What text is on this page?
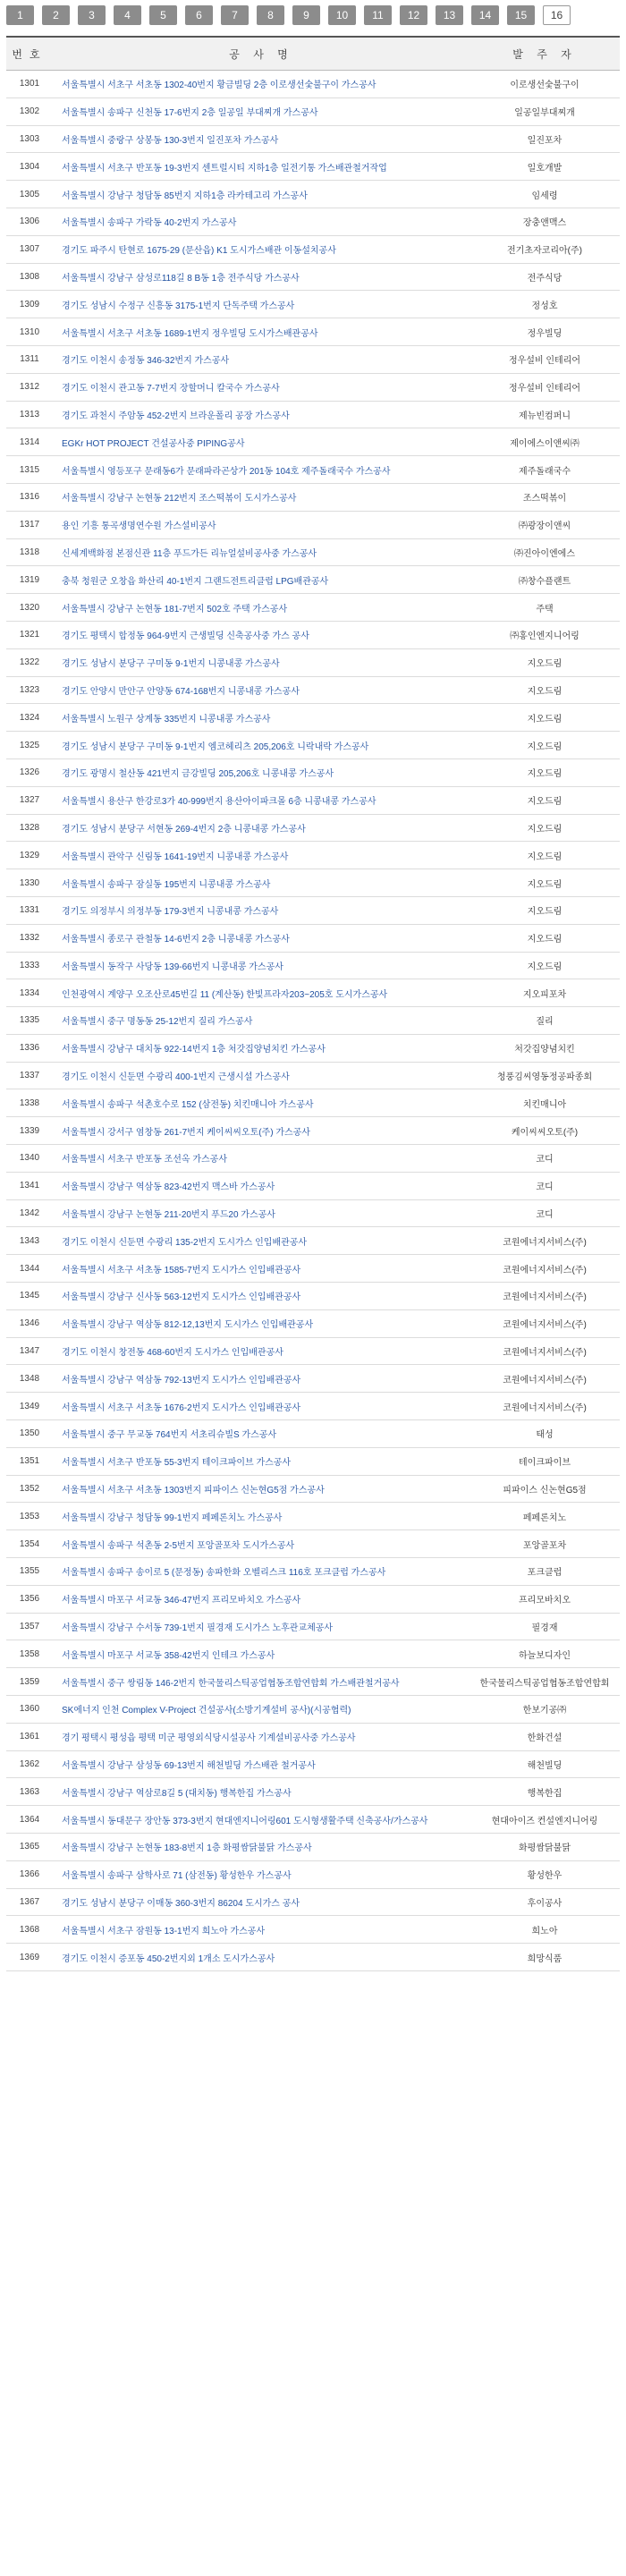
1	2	3	4	5	6	7	8	9	10	11	12	13	14	15	16
번호	공 사 명	발 주 자
1301	서울특별시 서초구 서초동 1302-40번지 황금빌딩 2층 이로생선숯불구이 가스공사	이로생선숯불구이
1302	서울특별시 송파구 신천동 17-6번지 2층 일공일 부대찌개 가스공사	일공일부대찌개
1303	서울특별시 중랑구 상봉동 130-3번지 일진포차 가스공사	일진포차
1304	서울특별시 서초구 반포동 19-3번지 센트럴시티 지하1층 일전기통 가스배관철거작업	일호개발
1305	서울특별시 강남구 청담동 85번지 지하1층 라카테고리 가스공사	임세령
1306	서울특별시 송파구 가락동 40-2번지 가스공사	장충앤맥스
1307	경기도 파주시 탄현로 1675-29 (문산읍) K1 도시가스배관 이동설치공사	전기초자코리아(주)
1308	서울특별시 강남구 삼성로118길 8 B동 1층 전주식당 가스공사	전주식당
1309	경기도 성남시 수정구 신흥동 3175-1번지 단독주택 가스공사	정성호
1310	서울특별시 서초구 서초동 1689-1번지 정우빌딩 도시가스배관공사	정우빌딩
1311	경기도 이천시 송정동 346-32번지 가스공사	정우설비 인테리어
1312	경기도 이천시 관고동 7-7번지 장할머니 칼국수 가스공사	정우설비 인테리어
1313	경기도 과천시 주암동 452-2번지 브라운폴리 공장 가스공사	제뉴빈컴퍼니
1314	EGKr HOT PROJECT 건설공사중 PIPING공사	제이에스이앤씨㈜
1315	서울특별시 영등포구 문래동6가 문래파라곤상가 201동 104호 제주돌래국수 가스공사	제주돌래국수
1316	서울특별시 강남구 논현동 212번지 조스떡볶이 도시가스공사	조스떡볶이
1317	용인 기흥 통곡생명연수원 가스설비공사	㈜광장이앤씨
1318	신세계백화점 본점신관 11층 푸드가든 리뉴얼설비공사중 가스공사	㈜진아이엔에스
1319	충북 청원군 오창읍 화산리 40-1번지 그랜드전트리클럽 LPG배관공사	㈜창수플랜트
1320	서울특별시 강남구 논현동 181-7번지 502호 주택 가스공사	주택
1321	경기도 평택시 합정동 964-9번지 근생빌딩 신축공사중 가스 공사	㈜홍인엔지니어링
1322	경기도 성남시 분당구 구미동 9-1번지 니콩내콩 가스공사	지오드림
1323	경기도 안양시 만안구 안양동 674-168번지 니콩내콩 가스공사	지오드림
1324	서울특별시 노원구 상계동 335번지 니콩내콩 가스공사	지오드림
1325	경기도 성남시 분당구 구미동 9-1번지 엠코헤리츠 205,206호 니락내락 가스공사	지오드림
1326	경기도 광명시 철산동 421번지 금강빌딩 205,206호 니콩내콩 가스공사	지오드림
1327	서울특별시 용산구 한강로3가 40-999번지 용산아이파크몰 6층 니콩내콩 가스공사	지오드림
1328	경기도 성남시 분당구 서현동 269-4번지 2층 니콩내콩 가스공사	지오드림
1329	서울특별시 관악구 신림동 1641-19번지 니콩내콩 가스공사	지오드림
1330	서울특별시 송파구 잠실동 195번지 니콩내콩 가스공사	지오드림
1331	경기도 의정부시 의정부동 179-3번지 니콩내콩 가스공사	지오드림
1332	서울특별시 종로구 관철동 14-6번지 2층 니콩내콩 가스공사	지오드림
1333	서울특별시 동작구 사당동 139-66번지 니콩내콩 가스공사	지오드림
1334	인천광역시 계양구 오조산로45번길 11 (계산동) 한빛프라자203~205호 도시가스공사	지오피포차
1335	서울특별시 중구 명동동 25-12번지 질리 가스공사	질리
1336	서울특별시 강남구 대치동 922-14번지 1층 처갓집양념치킨 가스공사	처갓집양념치킨
1337	경기도 이천시 신둔면 수광리 400-1번지 근생시설 가스공사	청풍김씨영동정공파종회
1338	서울특별시 송파구 석촌호수로 152 (삼전동) 치킨매니아 가스공사	치킨매니아
1339	서울특별시 강서구 염창동 261-7번지 케이씨씨오토(주) 가스공사	케이씨씨오토(주)
1340	서울특별시 서초구 반포동 조선옥 가스공사	코디
1341	서울특별시 강남구 역삼동 823-42번지 맥스바 가스공사	코디
1342	서울특별시 강남구 논현동 211-20번지 푸드20 가스공사	코디
1343	경기도 이천시 신둔면 수광리 135-2번지 도시가스 인입배관공사	코원에너지서비스(주)
1344	서울특별시 서초구 서초동 1585-7번지 도시가스 인입배관공사	코원에너지서비스(주)
1345	서울특별시 강남구 신사동 563-12번지 도시가스 인입배관공사	코원에너지서비스(주)
1346	서울특별시 강남구 역삼동 812-12,13번지 도시가스 인입배관공사	코원에너지서비스(주)
1347	경기도 이천시 창전동 468-60번지 도시가스 인입배관공사	코원에너지서비스(주)
1348	서울특별시 강남구 역삼동 792-13번지 도시가스 인입배관공사	코원에너지서비스(주)
1349	서울특별시 서초구 서초동 1676-2번지 도시가스 인입배관공사	코원에너지서비스(주)
1350	서울특별시 중구 무교동 764번지 서초리슈빌S 가스공사	태성
1351	서울특별시 서초구 반포동 55-3번지 테이크파이브 가스공사	테이크파이브
1352	서울특별시 서초구 서초동 1303번지 피파이스 신논현G5점 가스공사	피파이스 신논현G5점
1353	서울특별시 강남구 청담동 99-1번지 페페론치노 가스공사	페페론치노
1354	서울특별시 송파구 석촌동 2-5번지 포앙골포차 도시가스공사	포앙골포차
1355	서울특별시 송파구 송이로 5 (문정동) 송파한화 오벨리스크 116호 포크클럽 가스공사	포크클럽
1356	서울특별시 마포구 서교동 346-47번지 프리모바치오 가스공사	프리모바치오
1357	서울특별시 강남구 수서동 739-1번지 필경재 도시가스 노후관교체공사	필경재
1358	서울특별시 마포구 서교동 358-42번지 인테크 가스공사	하늘보디자인
1359	서울특별시 중구 쌍림동 146-2번지 한국물리스틱공업협동조합연합회 가스배관철거공사	한국물리스틱공업협동조합연합회
1360	SK에너지 인천 Complex V-Project 건설공사(소방기계설비 공사)(시공협력)	한보기공㈜
1361	경기 평택시 평성읍 평택 미군 평영외식당시설공사 기계설비공사중 가스공사	한화건설
1362	서울특별시 강남구 삼성동 69-13번지 해천빌딩 가스배관 철거공사	해천빌딩
1363	서울특별시 강남구 역삼로8길 5 (대치동) 행복한집 가스공사	행복한집
1364	서울특별시 동대문구 장안동 373-3번지 현대엔지니어링601 도시형생활주택 신축공사/가스공사	현대아이즈 컨설엔지니어링
1365	서울특별시 강남구 논현동 183-8번지 1층 화평쌈닭불닭 가스공사	화평쌈닭불닭
1366	서울특별시 송파구 삼학사로 71 (삼전동) 황성한우 가스공사	황성한우
1367	경기도 성남시 분당구 이매동 360-3번지 86204 도시가스 공사	후이공사
1368	서울특별시 서초구 잠원동 13-1번지 희노아 가스공사	희노아
1369	경기도 이천시 증포동 450-2번지외 1개소 도시가스공사	희망식품
